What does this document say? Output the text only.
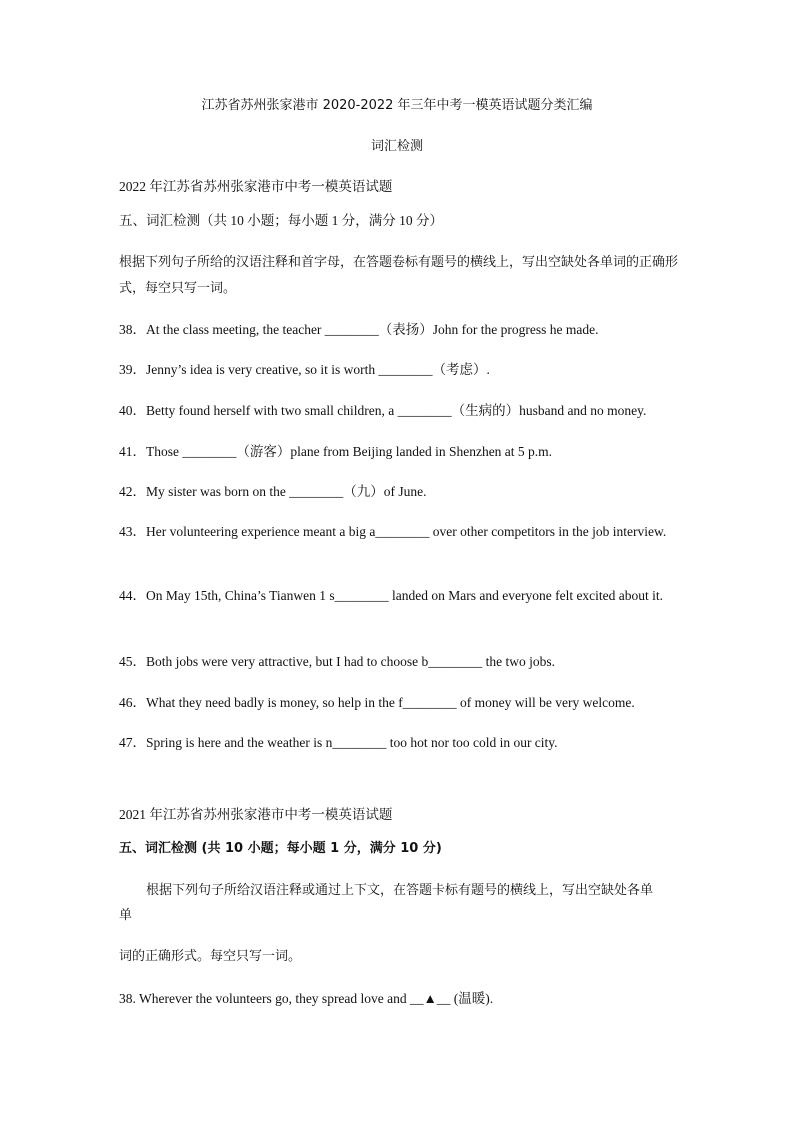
江苏省苏州张家港市 2020-2022 年三年中考一模英语试题分类汇编
词汇检测
2022 年江苏省苏州张家港市中考一模英语试题
五、词汇检测（共 10 小题；每小题 1 分，满分 10 分）
根据下列句子所给的汉语注释和首字母，在答题卷标有题号的横线上，写出空缺处各单词的正确形式，每空只写一词。
38．At the class meeting, the teacher ________（表扬）John for the progress he made.
39．Jenny’s idea is very creative, so it is worth ________（考虑）.
40．Betty found herself with two small children, a ________（生病的）husband and no money.
41．Those ________（游客）plane from Beijing landed in Shenzhen at 5 p.m.
42．My sister was born on the ________（九）of June.
43．Her volunteering experience meant a big a________ over other competitors in the job interview.
44．On May 15th, China’s Tianwen 1 s________ landed on Mars and everyone felt excited about it.
45．Both jobs were very attractive, but I had to choose b________ the two jobs.
46．What they need badly is money, so help in the f________ of money will be very welcome.
47．Spring is here and the weather is n________ too hot nor too cold in our city.
2021 年江苏省苏州张家港市中考一模英语试题
五、词汇检测 (共 10 小题；每小题 1 分，满分 10 分)
根据下列句子所给汉语注释或通过上下文，在答题卡标有题号的横线上，写出空缺处各单
单
词的正确形式。每空只写一词。
38. Wherever the volunteers go, they spread love and __▲__ (温暖).
